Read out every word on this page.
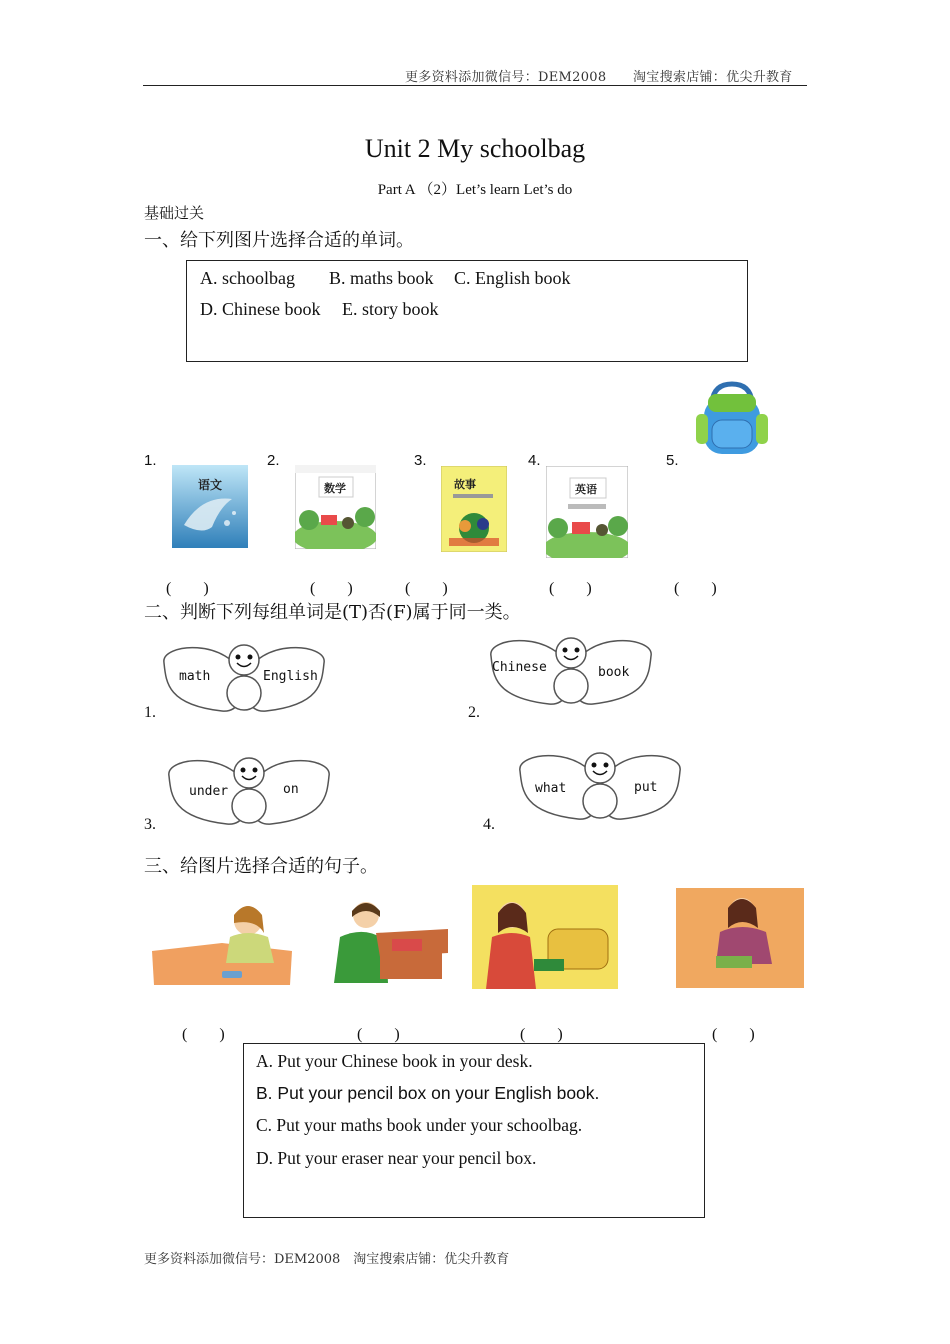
更多资料添加微信号：DEM2008　　淘宝搜索店铺：优尖升教育
Unit 2 My schoolbag
Part A （2）Let’s learn Let’s do
基础过关
一、给下列图片选择合适的单词。
A. schoolbag B. maths book C. English book
D. Chinese book E. story book
1.	2.	3.	4.	5.
语文	数学	故事	英语
(　　)	(　　)	(　　)	(　　)	(　　)
二、判断下列每组单词是(T)否(F)属于同一类。
math	English
1.
Chinese	book
2.
under	on
3.
what	put
4.
三、给图片选择合适的句子。
(　　)	(　　)	(　　)	(　　)
A. Put your Chinese book in your desk.
B. Put your pencil box on your English book.
C. Put your maths book under your schoolbag.
D. Put your eraser near your pencil box.
更多资料添加微信号：DEM2008　淘宝搜索店铺：优尖升教育
